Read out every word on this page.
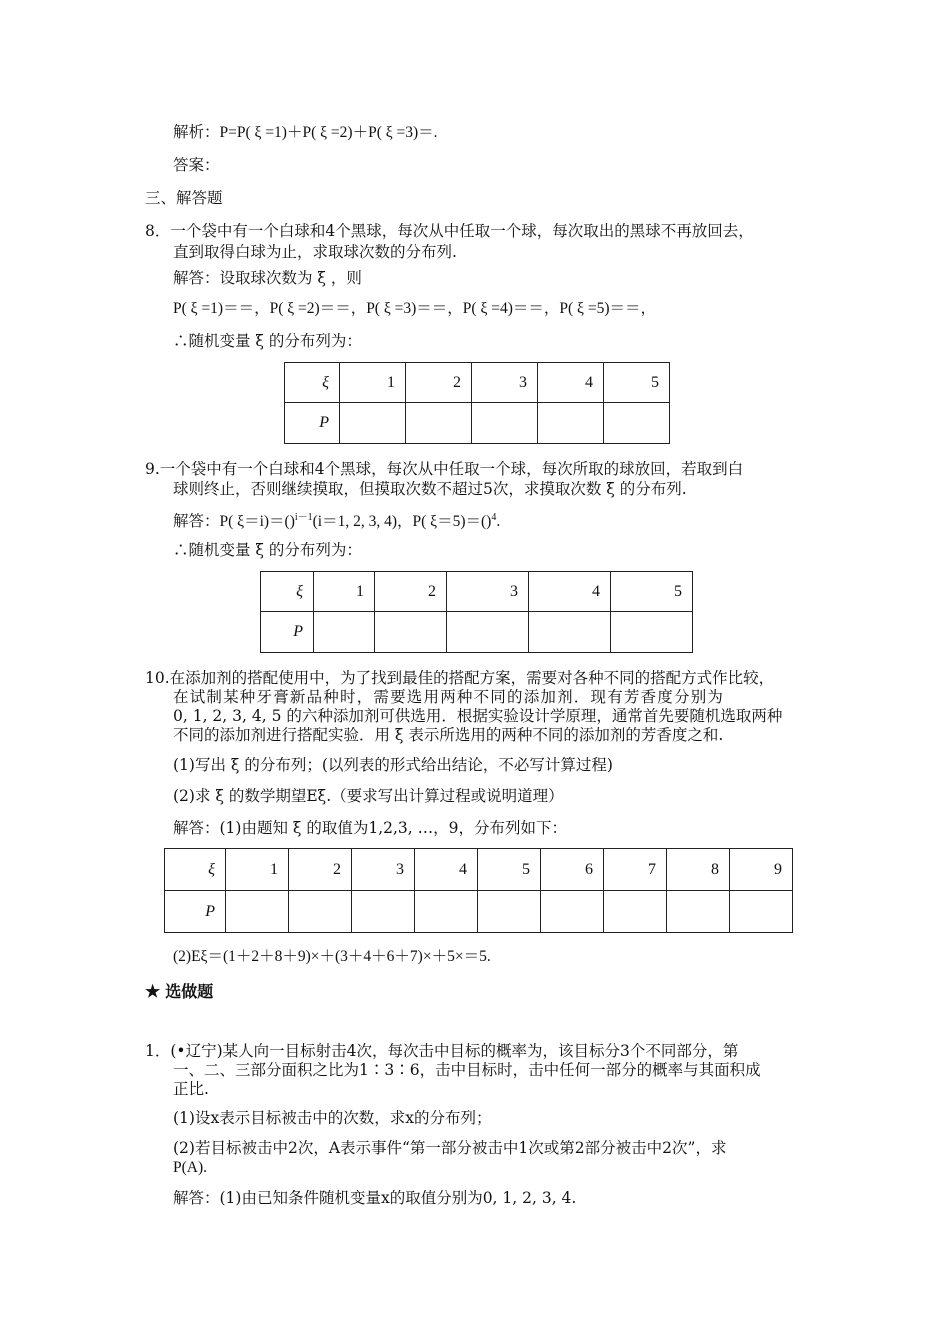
解析：P=P( ξ =1)＋P( ξ =2)＋P( ξ =3)＝.
答案：
三、解答题
8．一个袋中有一个白球和4个黑球，每次从中任取一个球，每次取出的黑球不再放回去，
直到取得白球为止，求取球次数的分布列.
解答：设取球次数为 ξ ，则
P( ξ =1)＝＝，P( ξ =2)＝＝，P( ξ =3)＝＝，P( ξ =4)＝＝，P( ξ =5)＝＝，
∴随机变量 ξ 的分布列为：
ξ	1	2	3	4	5
P					
9.一个袋中有一个白球和4个黑球，每次从中任取一个球，每次所取的球放回，若取到白
球则终止，否则继续摸取，但摸取次数不超过5次，求摸取次数 ξ 的分布列.
解答：P( ξ＝i)＝()$^{i-1}$(i＝1, 2, 3, 4)，P( ξ＝5)＝()$^4$.
∴随机变量 ξ 的分布列为：
ξ	1	2	3	4	5
P					
10.在添加剂的搭配使用中，为了找到最佳的搭配方案，需要对各种不同的搭配方式作比较，
在试制某种牙膏新品种时，需要选用两种不同的添加剂．现有芳香度分别为
0, 1, 2, 3, 4, 5 的六种添加剂可供选用．根据实验设计学原理，通常首先要随机选取两种
不同的添加剂进行搭配实验．用 ξ 表示所选用的两种不同的添加剂的芳香度之和.
(1)写出 ξ 的分布列；(以列表的形式给出结论，不必写计算过程)
(2)求 ξ 的数学期望Eξ.（要求写出计算过程或说明道理）
解答：(1)由题知 ξ 的取值为1,2,3, …，9，分布列如下：
ξ	1	2	3	4	5	6	7	8	9
P									
(2)Eξ＝(1＋2＋8＋9)×＋(3＋4＋6＋7)×＋5×＝5.
★ 选做题
1．(•辽宁)某人向一目标射击4次，每次击中目标的概率为，该目标分3个不同部分，第
一、二、三部分面积之比为1∶3∶6，击中目标时，击中任何一部分的概率与其面积成
正比.
(1)设x表示目标被击中的次数，求x的分布列；
(2)若目标被击中2次，A表示事件“第一部分被击中1次或第2部分被击中2次”，求
P(A).
解答：(1)由已知条件随机变量x的取值分别为0, 1, 2, 3, 4.
